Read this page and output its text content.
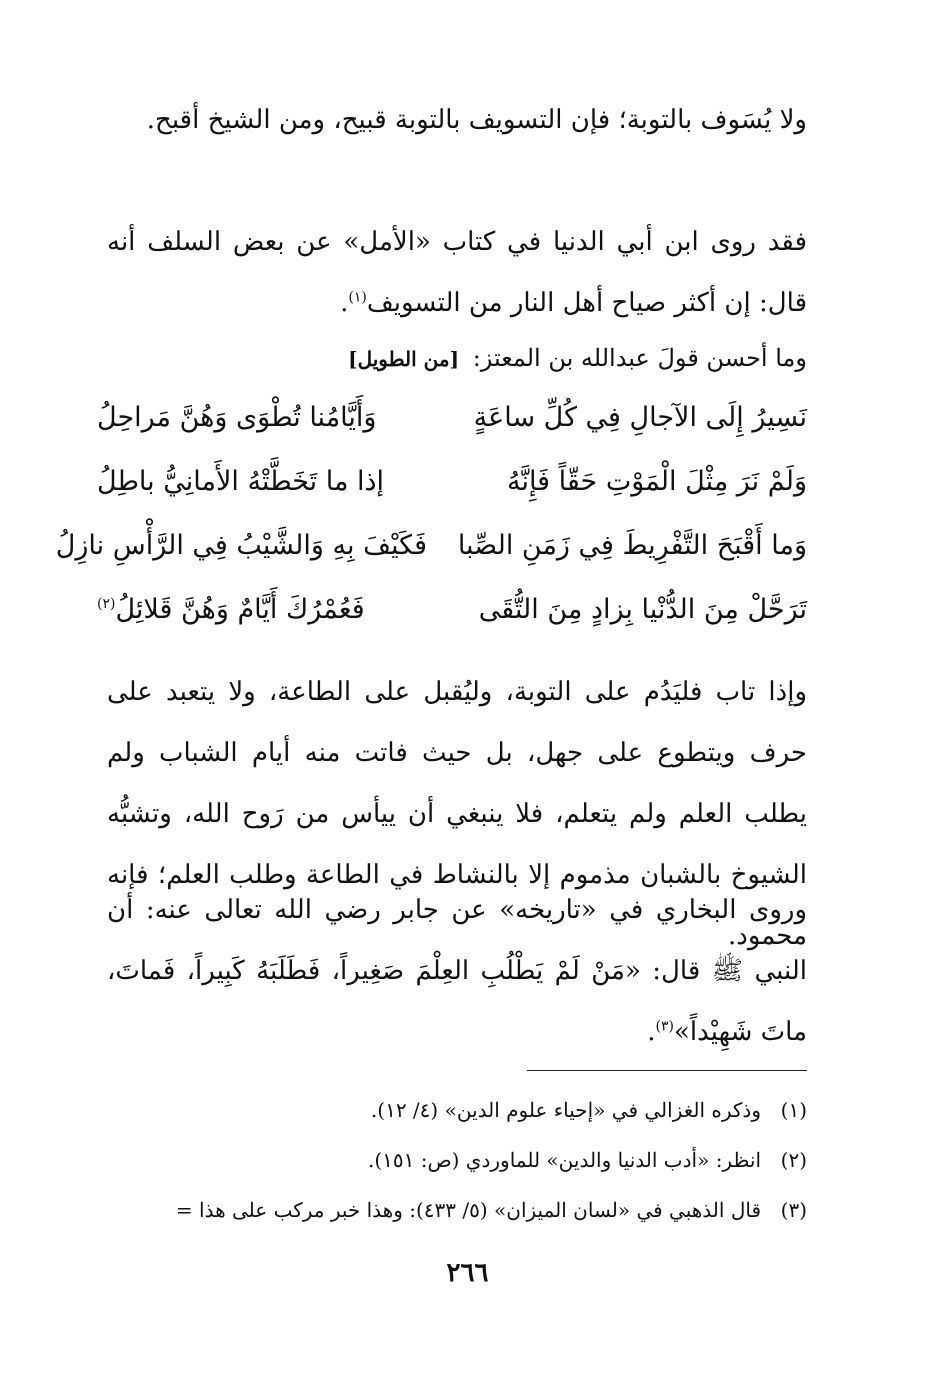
ولا يُسَوف بالتوبة؛ فإن التسويف بالتوبة قبيح، ومن الشيخ أقبح.
فقد روى ابن أبي الدنيا في كتاب «الأمل» عن بعض السلف أنه قال: إن أكثر صياح أهل النار من التسويف$^{(١)}$.
وما أحسن قولَ عبدالله بن المعتز: [من الطويل]
نَسِيرُ إِلَى الآجالِ فِي كُلِّ ساعَةٍ
وَأَيَّامُنا تُطْوَى وَهُنَّ مَراحِلُ
وَلَمْ نَرَ مِثْلَ الْمَوْتِ حَقّاً فَإِنَّهُ
إذا ما تَخَطَّتْهُ الأَمانِيُّ باطِلُ
وَما أَقْبَحَ التَّفْرِيطَ فِي زَمَنِ الصِّبا
فَكَيْفَ بِهِ وَالشَّيْبُ فِي الرَّأْسِ نازِلُ
تَرَحَّلْ مِنَ الدُّنْيا بِزادٍ مِنَ التُّقَى
فَعُمْرُكَ أَيَّامٌ وَهُنَّ قَلائِلُ$^{(٢)}$
وإذا تاب فليَدُم على التوبة، وليُقبل على الطاعة، ولا يتعبد على حرف ويتطوع على جهل، بل حيث فاتت منه أيام الشباب ولم يطلب العلم ولم يتعلم، فلا ينبغي أن ييأس من رَوح الله، وتشبُّه الشيوخ بالشبان مذموم إلا بالنشاط في الطاعة وطلب العلم؛ فإنه محمود.
وروى البخاري في «تاريخه» عن جابر رضي الله تعالى عنه: أن النبي ﷺ قال: «مَنْ لَمْ يَطْلُبِ العِلْمَ صَغِيراً، فَطَلَبَهُ كَبِيراً، فَماتَ، ماتَ شَهِيْداً»$^{(٣)}$.
(١)وذكره الغزالي في «إحياء علوم الدين» (٤/ ١٢).
(٢)انظر: «أدب الدنيا والدين» للماوردي (ص: ١٥١).
(٣)قال الذهبي في «لسان الميزان» (٥/ ٤٣٣): وهذا خبر مركب على هذا =
٢٦٦
